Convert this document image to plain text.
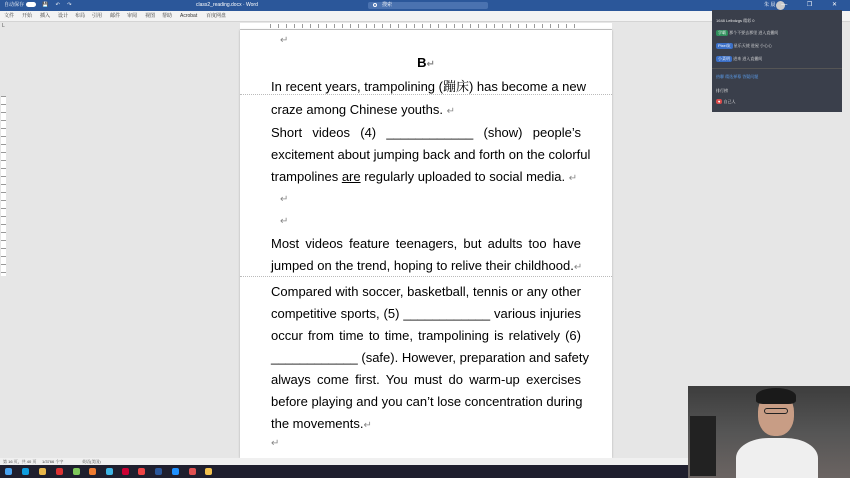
自动保存	💾 ↶ ↷	class2_reading.docx · Word	搜索	朱 晨 — ❐ ✕
文件 开始 插入 设计 布局 引用 邮件 审阅 视图 帮助 Acrobat 百度网盘
L
↵
B↵
In recent years, trampolining (蹦床) has become a new
craze among Chinese youths. ↵
Short videos (4) ____________ (show) people’s
excitement about jumping back and forth on the colorful
trampolines are regularly uploaded to social media. ↵
↵
↵
Most videos feature teenagers, but adults too have
jumped on the trend, hoping to relive their childhood.↵
Compared with soccer, basketball, tennis or any other
competitive sports, (5) ____________ various injuries
occur from time to time, trampolining is relatively (6)
____________ (safe). However, preparation and safety
always come first. You must do warm-up exercises
before playing and you can’t lose concentration during
the movements.↵
↵
第 16 页，共 40 页 1/3766 个字	英语(美国)
1648 Lelbdzgs 精彩 0
学霸 那个不要去那里 进入直播间
Pixel灰 星乐天使 进屋 小心心
小菜明 进来 进入直播间
热聊 精选弹幕 答疑问题
排行榜
♥ 自己人
